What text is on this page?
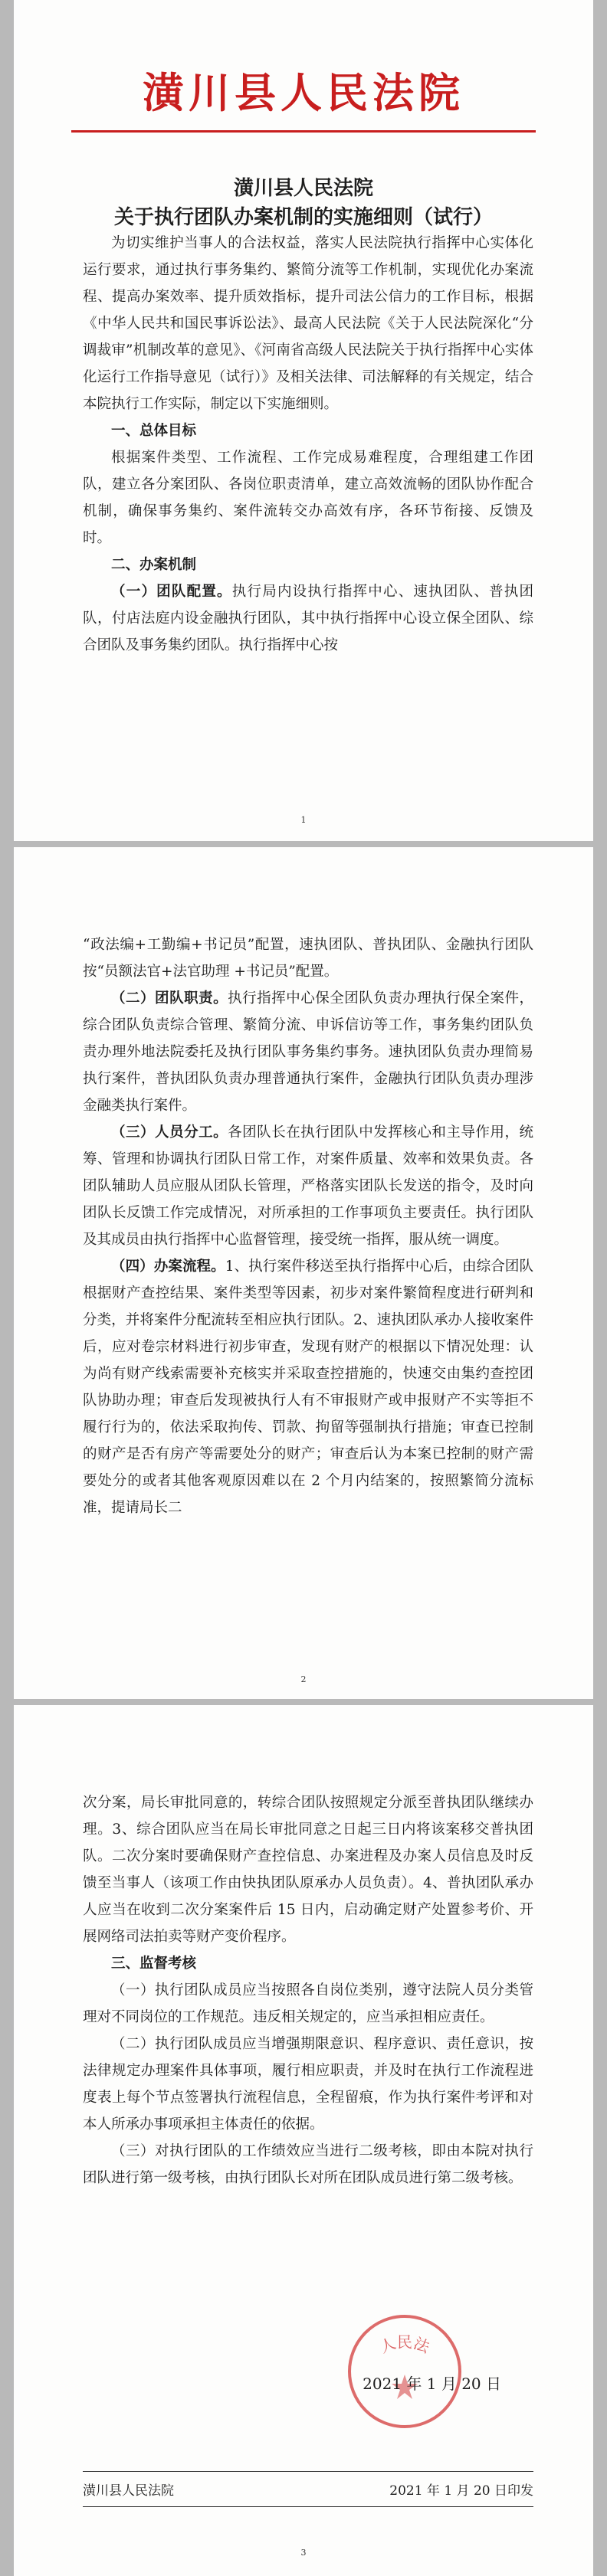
潢川县人民法院
潢川县人民法院
关于执行团队办案机制的实施细则（试行）

为切实维护当事人的合法权益，落实人民法院执行指挥中心实体化运行要求，通过执行事务集约、繁简分流等工作机制，实现优化办案流程、提高办案效率、提升质效指标，提升司法公信力的工作目标，根据《中华人民共和国民事诉讼法》、最高人民法院《关于人民法院深化“分调裁审”机制改革的意见》、《河南省高级人民法院关于执行指挥中心实体化运行工作指导意见（试行）》及相关法律、司法解释的有关规定，结合本院执行工作实际，制定以下实施细则。

一、总体目标

根据案件类型、工作流程、工作完成易难程度，合理组建工作团队，建立各分案团队、各岗位职责清单，建立高效流畅的团队协作配合机制，确保事务集约、案件流转交办高效有序，各环节衔接、反馈及时。

二、办案机制

（一）团队配置。执行局内设执行指挥中心、速执团队、普执团队，付店法庭内设金融执行团队，其中执行指挥中心设立保全团队、综合团队及事务集约团队。执行指挥中心按

1

“政法编+工勤编+书记员”配置，速执团队、普执团队、金融执行团队按“员额法官+法官助理 +书记员”配置。

（二）团队职责。执行指挥中心保全团队负责办理执行保全案件，综合团队负责综合管理、繁简分流、申诉信访等工作，事务集约团队负责办理外地法院委托及执行团队事务集约事务。速执团队负责办理简易执行案件，普执团队负责办理普通执行案件，金融执行团队负责办理涉金融类执行案件。

（三）人员分工。各团队长在执行团队中发挥核心和主导作用，统筹、管理和协调执行团队日常工作，对案件质量、效率和效果负责。各团队辅助人员应服从团队长管理，严格落实团队长发送的指令，及时向团队长反馈工作完成情况，对所承担的工作事项负主要责任。执行团队及其成员由执行指挥中心监督管理，接受统一指挥，服从统一调度。

（四）办案流程。1、执行案件移送至执行指挥中心后，由综合团队根据财产查控结果、案件类型等因素，初步对案件繁简程度进行研判和分类，并将案件分配流转至相应执行团队。2、速执团队承办人接收案件后，应对卷宗材料进行初步审查，发现有财产的根据以下情况处理：认为尚有财产线索需要补充核实并采取查控措施的，快速交由集约查控团队协助办理；审查后发现被执行人有不审报财产或申报财产不实等拒不履行行为的，依法采取拘传、罚款、拘留等强制执行措施；审查已控制的财产是否有房产等需要处分的财产；审查后认为本案已控制的财产需要处分的或者其他客观原因难以在 2 个月内结案的，按照繁简分流标准，提请局长二

2

次分案，局长审批同意的，转综合团队按照规定分派至普执团队继续办理。3、综合团队应当在局长审批同意之日起三日内将该案移交普执团队。二次分案时要确保财产查控信息、办案进程及办案人员信息及时反馈至当事人（该项工作由快执团队原承办人员负责）。4、普执团队承办人应当在收到二次分案案件后 15 日内，启动确定财产处置参考价、开展网络司法拍卖等财产变价程序。

三、监督考核

（一）执行团队成员应当按照各自岗位类别，遵守法院人员分类管理对不同岗位的工作规范。违反相关规定的，应当承担相应责任。

（二）执行团队成员应当增强期限意识、程序意识、责任意识，按法律规定办理案件具体事项，履行相应职责，并及时在执行工作流程进度表上每个节点签署执行流程信息，全程留痕，作为执行案件考评和对本人所承办事项承担主体责任的依据。

（三）对执行团队的工作绩效应当进行二级考核，即由本院对执行团队进行第一级考核，由执行团队长对所在团队成员进行第二级考核。

人民法
2021 年 1 月 20 日
潢川县人民法院	2021 年 1 月 20 日印发
3
